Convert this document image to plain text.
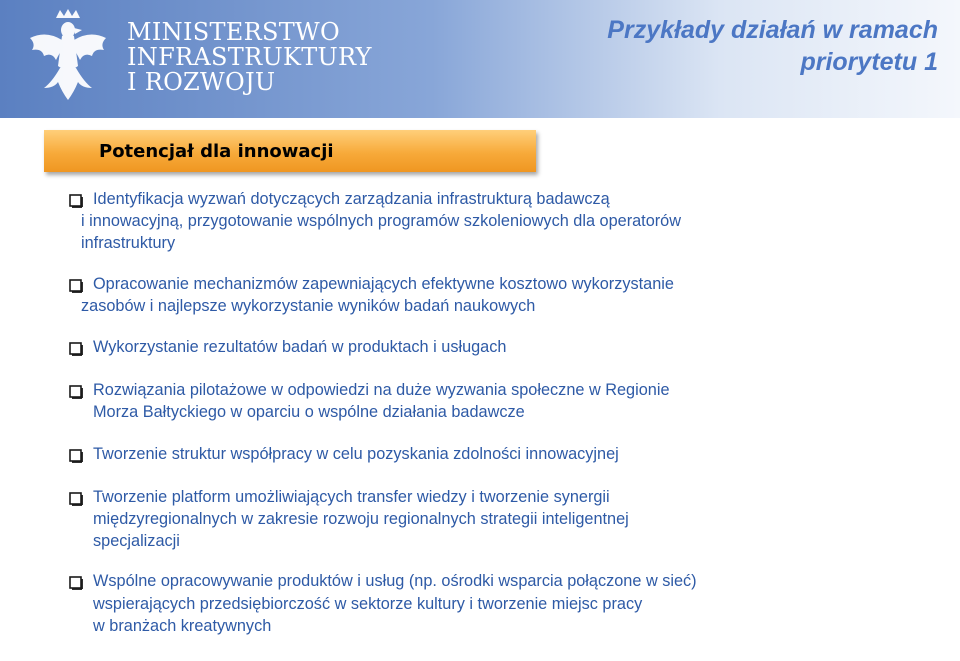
MINISTERSTWO
INFRASTRUKTURY
I ROZWOJU
Przykłady działań w ramach
priorytetu 1
Potencjał dla innowacji
Identyfikacja wyzwań dotyczących zarządzania infrastrukturą badawczą
i innowacyjną, przygotowanie wspólnych programów szkoleniowych dla operatorów
infrastruktury
Opracowanie mechanizmów zapewniających efektywne kosztowo wykorzystanie
zasobów i najlepsze wykorzystanie wyników badań naukowych
Wykorzystanie rezultatów badań w produktach i usługach
Rozwiązania pilotażowe w odpowiedzi na duże wyzwania społeczne w Regionie
Morza Bałtyckiego w oparciu o wspólne działania badawcze
Tworzenie struktur współpracy w celu pozyskania zdolności innowacyjnej
Tworzenie platform umożliwiających transfer wiedzy i tworzenie synergii
międzyregionalnych w zakresie rozwoju regionalnych strategii inteligentnej
specjalizacji
Wspólne opracowywanie produktów i usług (np. ośrodki wsparcia połączone w sieć)
wspierających przedsiębiorczość w sektorze kultury i tworzenie miejsc pracy
w branżach kreatywnych
